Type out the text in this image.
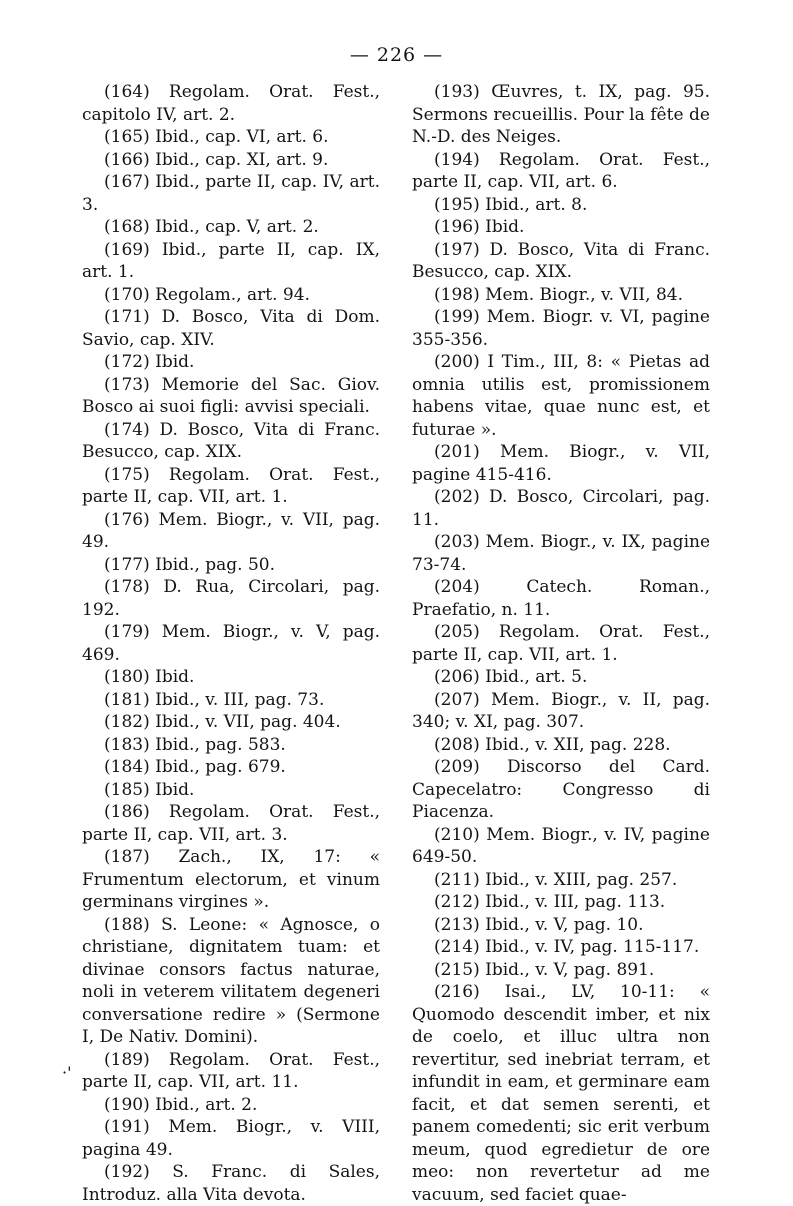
— 226 —

(164) Regolam. Orat. Fest., capitolo IV, art. 2.

(165) Ibid., cap. VI, art. 6.

(166) Ibid., cap. XI, art. 9.

(167) Ibid., parte II, cap. IV, art. 3.

(168) Ibid., cap. V, art. 2.

(169) Ibid., parte II, cap. IX, art. 1.

(170) Regolam., art. 94.

(171) D. Bosco, Vita di Dom. Savio, cap. XIV.

(172) Ibid.

(173) Memorie del Sac. Giov. Bosco ai suoi figli: avvisi speciali.

(174) D. Bosco, Vita di Franc. Besucco, cap. XIX.

(175) Regolam. Orat. Fest., parte II, cap. VII, art. 1.

(176) Mem. Biogr., v. VII, pag. 49.

(177) Ibid., pag. 50.

(178) D. Rua, Circolari, pag. 192.

(179) Mem. Biogr., v. V, pag. 469.

(180) Ibid.

(181) Ibid., v. III, pag. 73.

(182) Ibid., v. VII, pag. 404.

(183) Ibid., pag. 583.

(184) Ibid., pag. 679.

(185) Ibid.

(186) Regolam. Orat. Fest., parte II, cap. VII, art. 3.

(187) Zach., IX, 17: « Frumentum electorum, et vinum germinans virgines ».

(188) S. Leone: « Agnosce, o christiane, dignitatem tuam: et divinae consors factus naturae, noli in veterem vilitatem degeneri conversatione redire » (Sermone I, De Nativ. Domini).

(189) Regolam. Orat. Fest., parte II, cap. VII, art. 11.

(190) Ibid., art. 2.

(191) Mem. Biogr., v. VIII, pagina 49.

(192) S. Franc. di Sales, Introduz. alla Vita devota.

(193) Œuvres, t. IX, pag. 95. Sermons recueillis. Pour la fête de N.-D. des Neiges.

(194) Regolam. Orat. Fest., parte II, cap. VII, art. 6.

(195) Ibid., art. 8.

(196) Ibid.

(197) D. Bosco, Vita di Franc. Besucco, cap. XIX.

(198) Mem. Biogr., v. VII, 84.

(199) Mem. Biogr. v. VI, pagine 355-356.

(200) I Tim., III, 8: « Pietas ad omnia utilis est, promissionem habens vitae, quae nunc est, et futurae ».

(201) Mem. Biogr., v. VII, pagine 415-416.

(202) D. Bosco, Circolari, pag. 11.

(203) Mem. Biogr., v. IX, pagine 73-74.

(204)	Catech. Roman., Praefatio, n. 11.

(205) Regolam. Orat. Fest., parte II, cap. VII, art. 1.

(206) Ibid., art. 5.

(207) Mem. Biogr., v. II, pag. 340; v. XI, pag. 307.

(208) Ibid., v. XII, pag. 228.

(209) Discorso del Card. Capecelatro: Congresso di Piacenza.

(210) Mem. Biogr., v. IV, pagine 649-50.

(211) Ibid., v. XIII, pag. 257.

(212) Ibid., v. III, pag. 113.

(213) Ibid., v. V, pag. 10.

(214) Ibid., v. IV, pag. 115-117.

(215) Ibid., v. V, pag. 891.

(216) Isai., LV, 10-11: « Quomodo descendit imber, et nix de coelo, et illuc ultra non revertitur, sed inebriat terram, et infundit in eam, et germinare eam facit, et dat semen serenti, et panem comedenti; sic erit verbum meum, quod egredietur de ore meo: non revertetur ad me vacuum, sed faciet quae-

·'
